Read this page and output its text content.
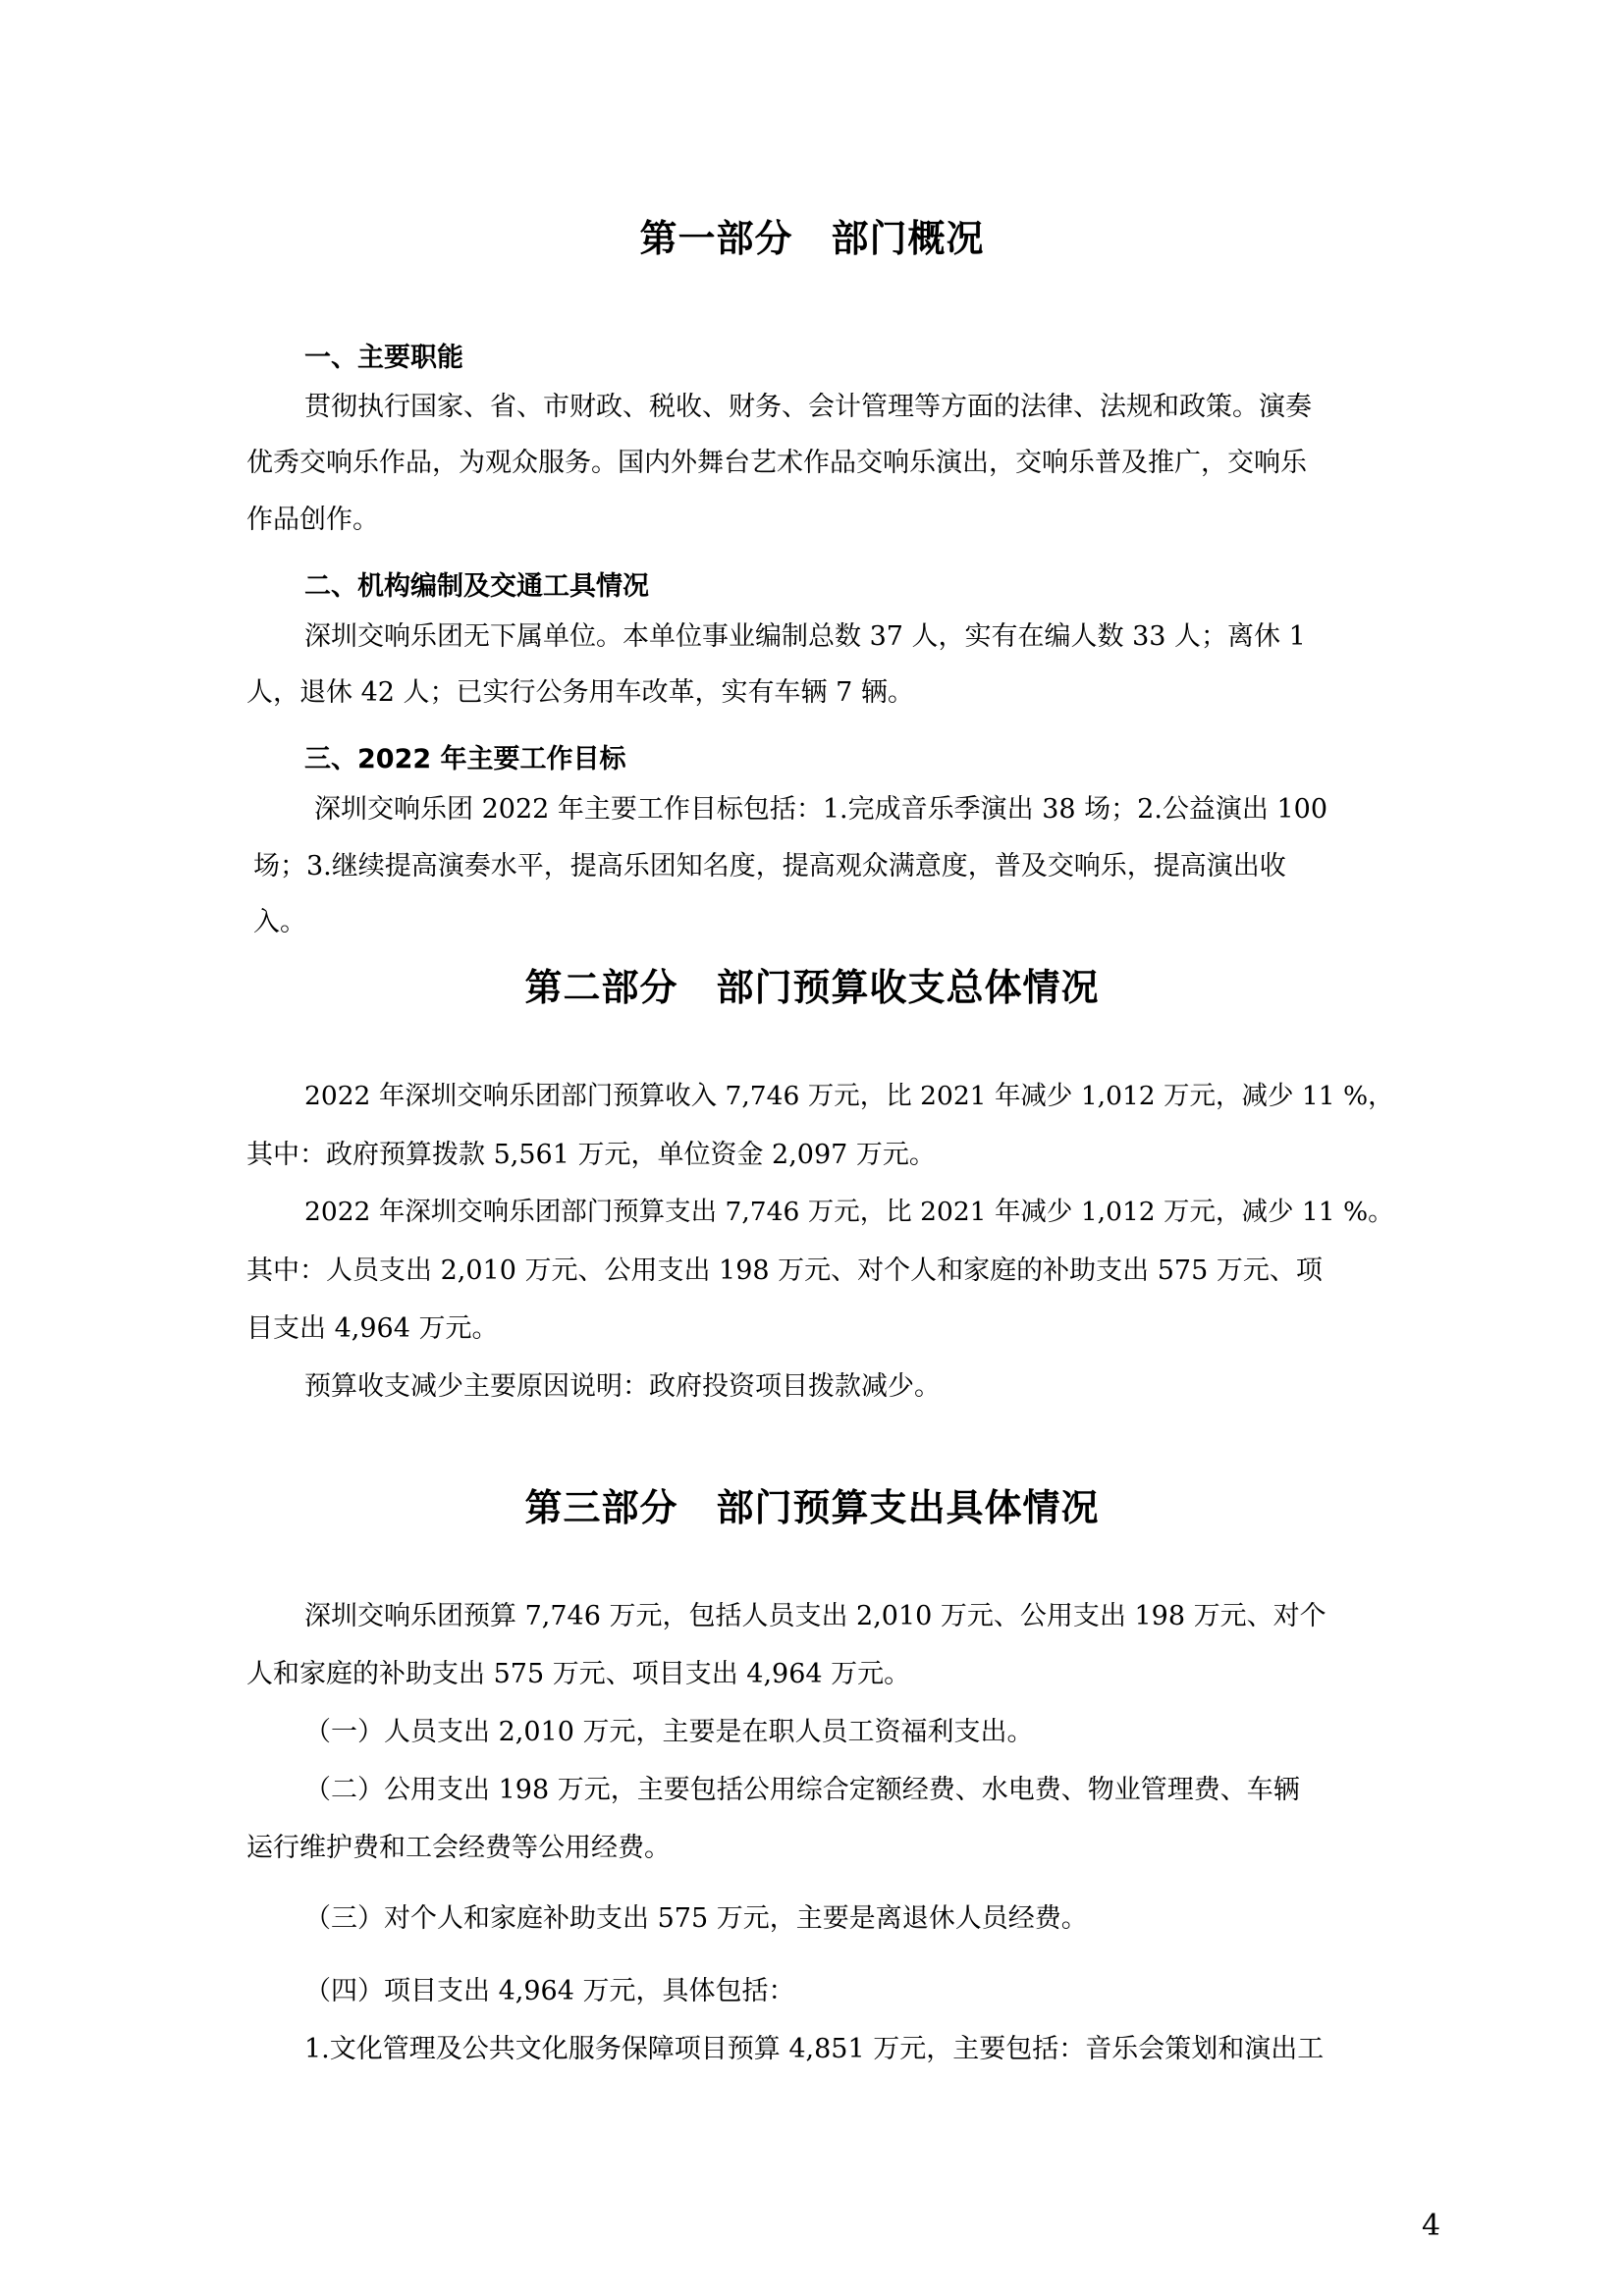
第一部分　部门概况
一、主要职能
贯彻执行国家、省、市财政、税收、财务、会计管理等方面的法律、法规和政策。演奏
优秀交响乐作品，为观众服务。国内外舞台艺术作品交响乐演出，交响乐普及推广，交响乐
作品创作。
二、机构编制及交通工具情况
深圳交响乐团无下属单位。本单位事业编制总数 37 人，实有在编人数 33 人；离休 1
人，退休 42 人；已实行公务用车改革，实有车辆 7 辆。
三、2022 年主要工作目标
深圳交响乐团 2022 年主要工作目标包括：1.完成音乐季演出 38 场；2.公益演出 100
场；3.继续提高演奏水平，提高乐团知名度，提高观众满意度，普及交响乐，提高演出收
入。
第二部分　部门预算收支总体情况
2022 年深圳交响乐团部门预算收入 7,746 万元，比 2021 年减少 1,012 万元，减少 11 %，
其中：政府预算拨款 5,561 万元，单位资金 2,097 万元。
2022 年深圳交响乐团部门预算支出 7,746 万元，比 2021 年减少 1,012 万元，减少 11 %。
其中：人员支出 2,010 万元、公用支出 198 万元、对个人和家庭的补助支出 575 万元、项
目支出 4,964 万元。
预算收支减少主要原因说明：政府投资项目拨款减少。
第三部分　部门预算支出具体情况
深圳交响乐团预算 7,746 万元，包括人员支出 2,010 万元、公用支出 198 万元、对个
人和家庭的补助支出 575 万元、项目支出 4,964 万元。
（一）人员支出 2,010 万元，主要是在职人员工资福利支出。
（二）公用支出 198 万元，主要包括公用综合定额经费、水电费、物业管理费、车辆
运行维护费和工会经费等公用经费。
（三）对个人和家庭补助支出 575 万元，主要是离退休人员经费。
（四）项目支出 4,964 万元，具体包括：
1.文化管理及公共文化服务保障项目预算 4,851 万元，主要包括：音乐会策划和演出工
4
